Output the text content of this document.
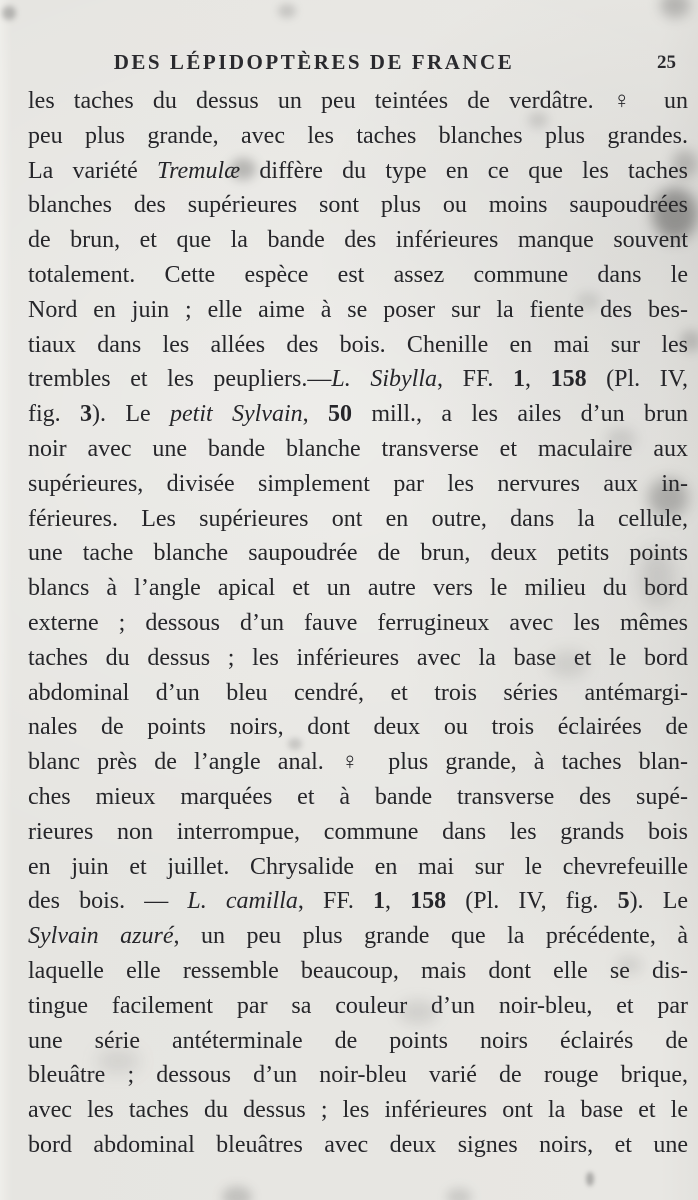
DES LÉPIDOPTÈRES DE FRANCE	25
les taches du dessus un peu teintées de verdâtre. ♀ un
peu plus grande, avec les taches blanches plus grandes.
La variété Tremulæ diffère du type en ce que les taches
blanches des supérieures sont plus ou moins saupoudrées
de brun, et que la bande des inférieures manque souvent
totalement. Cette espèce est assez commune dans le
Nord en juin ; elle aime à se poser sur la fiente des bes-
tiaux dans les allées des bois. Chenille en mai sur les
trembles et les peupliers.—L. Sibylla, FF. 1, 158 (Pl. IV,
fig. 3). Le petit Sylvain, 50 mill., a les ailes d’un brun
noir avec une bande blanche transverse et maculaire aux
supérieures, divisée simplement par les nervures aux in-
férieures. Les supérieures ont en outre, dans la cellule,
une tache blanche saupoudrée de brun, deux petits points
blancs à l’angle apical et un autre vers le milieu du bord
externe ; dessous d’un fauve ferrugineux avec les mêmes
taches du dessus ; les inférieures avec la base et le bord
abdominal d’un bleu cendré, et trois séries antémargi-
nales de points noirs, dont deux ou trois éclairées de
blanc près de l’angle anal. ♀ plus grande, à taches blan-
ches mieux marquées et à bande transverse des supé-
rieures non interrompue, commune dans les grands bois
en juin et juillet. Chrysalide en mai sur le chevrefeuille
des bois. — L. camilla, FF. 1, 158 (Pl. IV, fig. 5). Le
Sylvain azuré, un peu plus grande que la précédente, à
laquelle elle ressemble beaucoup, mais dont elle se dis-
tingue facilement par sa couleur d’un noir-bleu, et par
une série antéterminale de points noirs éclairés de
bleuâtre ; dessous d’un noir-bleu varié de rouge brique,
avec les taches du dessus ; les inférieures ont la base et le
bord abdominal bleuâtres avec deux signes noirs, et une
